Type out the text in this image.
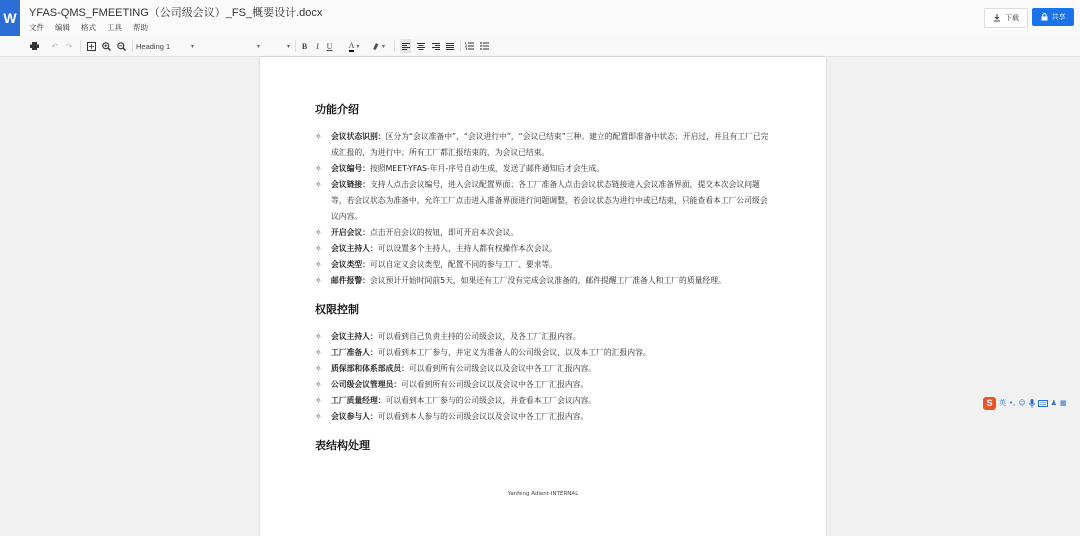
W	YFAS-QMS_FMEETING（公司级会议）_FS_概要设计.docx
文件 编辑 格式 工具 帮助
下载	共享
↶ ↷	Heading 1	▾	▾	▾ B	I U A ▾	▾
功能介绍
✧ 会议状态识别：区分为“会议准备中”，“会议进行中”，“会议已结束”三种。建立的配置即准备中状态；开启过，并且有工厂已完成汇报的，为进行中；所有工厂都汇报结束的，为会议已结束。
✧ 会议编号：按照MEET-YFAS-年月-序号自动生成，发送了邮件通知后才会生成。
✧ 会议链接：支持人点击会议编号，进入会议配置界面；各工厂准备人点击会议状态链接进入会议准备界面，提交本次会议问题等，若会议状态为准备中，允许工厂点击进入准备界面进行问题调整，若会议状态为进行中或已结束，只能查看本工厂公司级会议内容。
✧ 开启会议：点击开启会议的按钮，即可开启本次会议。
✧ 会议主持人：可以设置多个主持人，主持人都有权操作本次会议。
✧ 会议类型：可以自定义会议类型，配置不同的参与工厂、要求等。
✧ 邮件报警：会议预计开始时间前5天，如果还有工厂没有完成会议准备的，邮件提醒工厂准备人和工厂的质量经理。
权限控制
✧ 会议主持人：可以看到自己负责主持的公司级会议，及各工厂汇报内容。
✧ 工厂准备人：可以看到本工厂参与，并定义为准备人的公司级会议，以及本工厂的汇报内容。
✧ 质保部和体系部成员：可以看到所有公司级会议以及会议中各工厂汇报内容。
✧ 公司级会议管理员：可以看到所有公司级会议以及会议中各工厂汇报内容。
✧ 工厂质量经理：可以看到本工厂参与的公司级会议，并查看本工厂会议内容。
✧ 会议参与人：可以看到本人参与的公司级会议以及会议中各工厂汇报内容。
表结构处理
Yanfeng Adient-INTERNAL
S 英 •, ☺	♟ ▦
